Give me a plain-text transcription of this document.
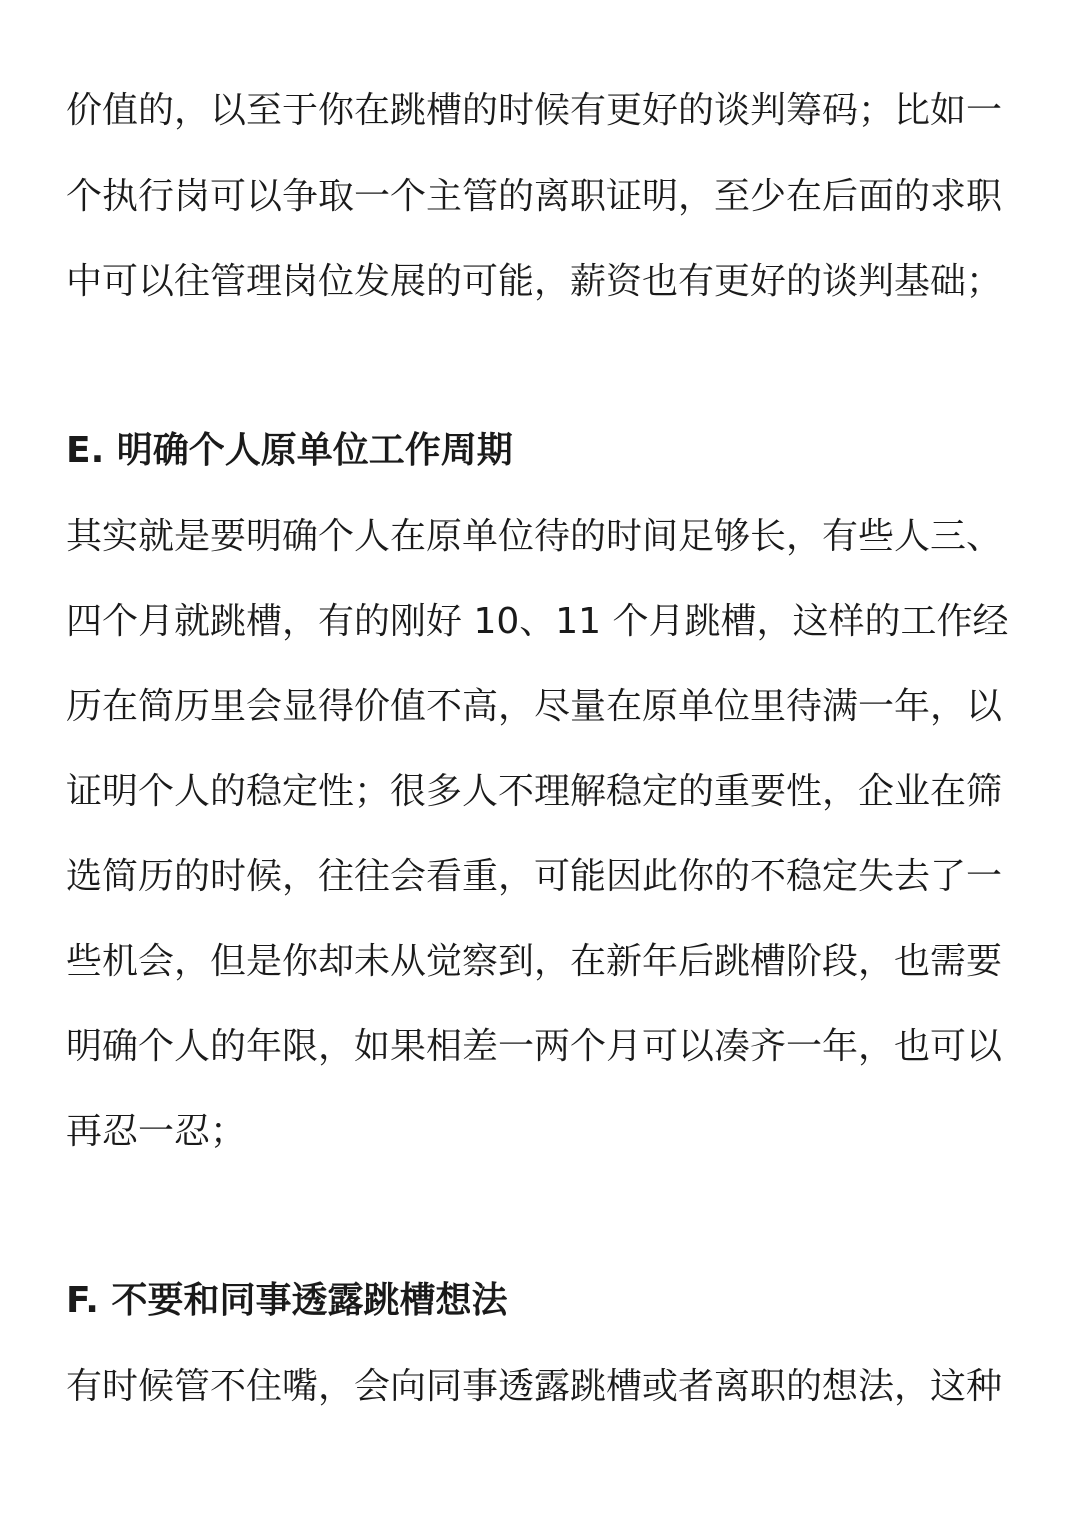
价值的，以至于你在跳槽的时候有更好的谈判筹码；比如一
个执行岗可以争取一个主管的离职证明，至少在后面的求职
中可以往管理岗位发展的可能，薪资也有更好的谈判基础；
E. 明确个人原单位工作周期
其实就是要明确个人在原单位待的时间足够长，有些人三、
四个月就跳槽，有的刚好 10、11 个月跳槽，这样的工作经
历在简历里会显得价值不高，尽量在原单位里待满一年，以
证明个人的稳定性；很多人不理解稳定的重要性，企业在筛
选简历的时候，往往会看重，可能因此你的不稳定失去了一
些机会，但是你却未从觉察到，在新年后跳槽阶段，也需要
明确个人的年限，如果相差一两个月可以凑齐一年，也可以
再忍一忍；
F. 不要和同事透露跳槽想法
有时候管不住嘴，会向同事透露跳槽或者离职的想法，这种
